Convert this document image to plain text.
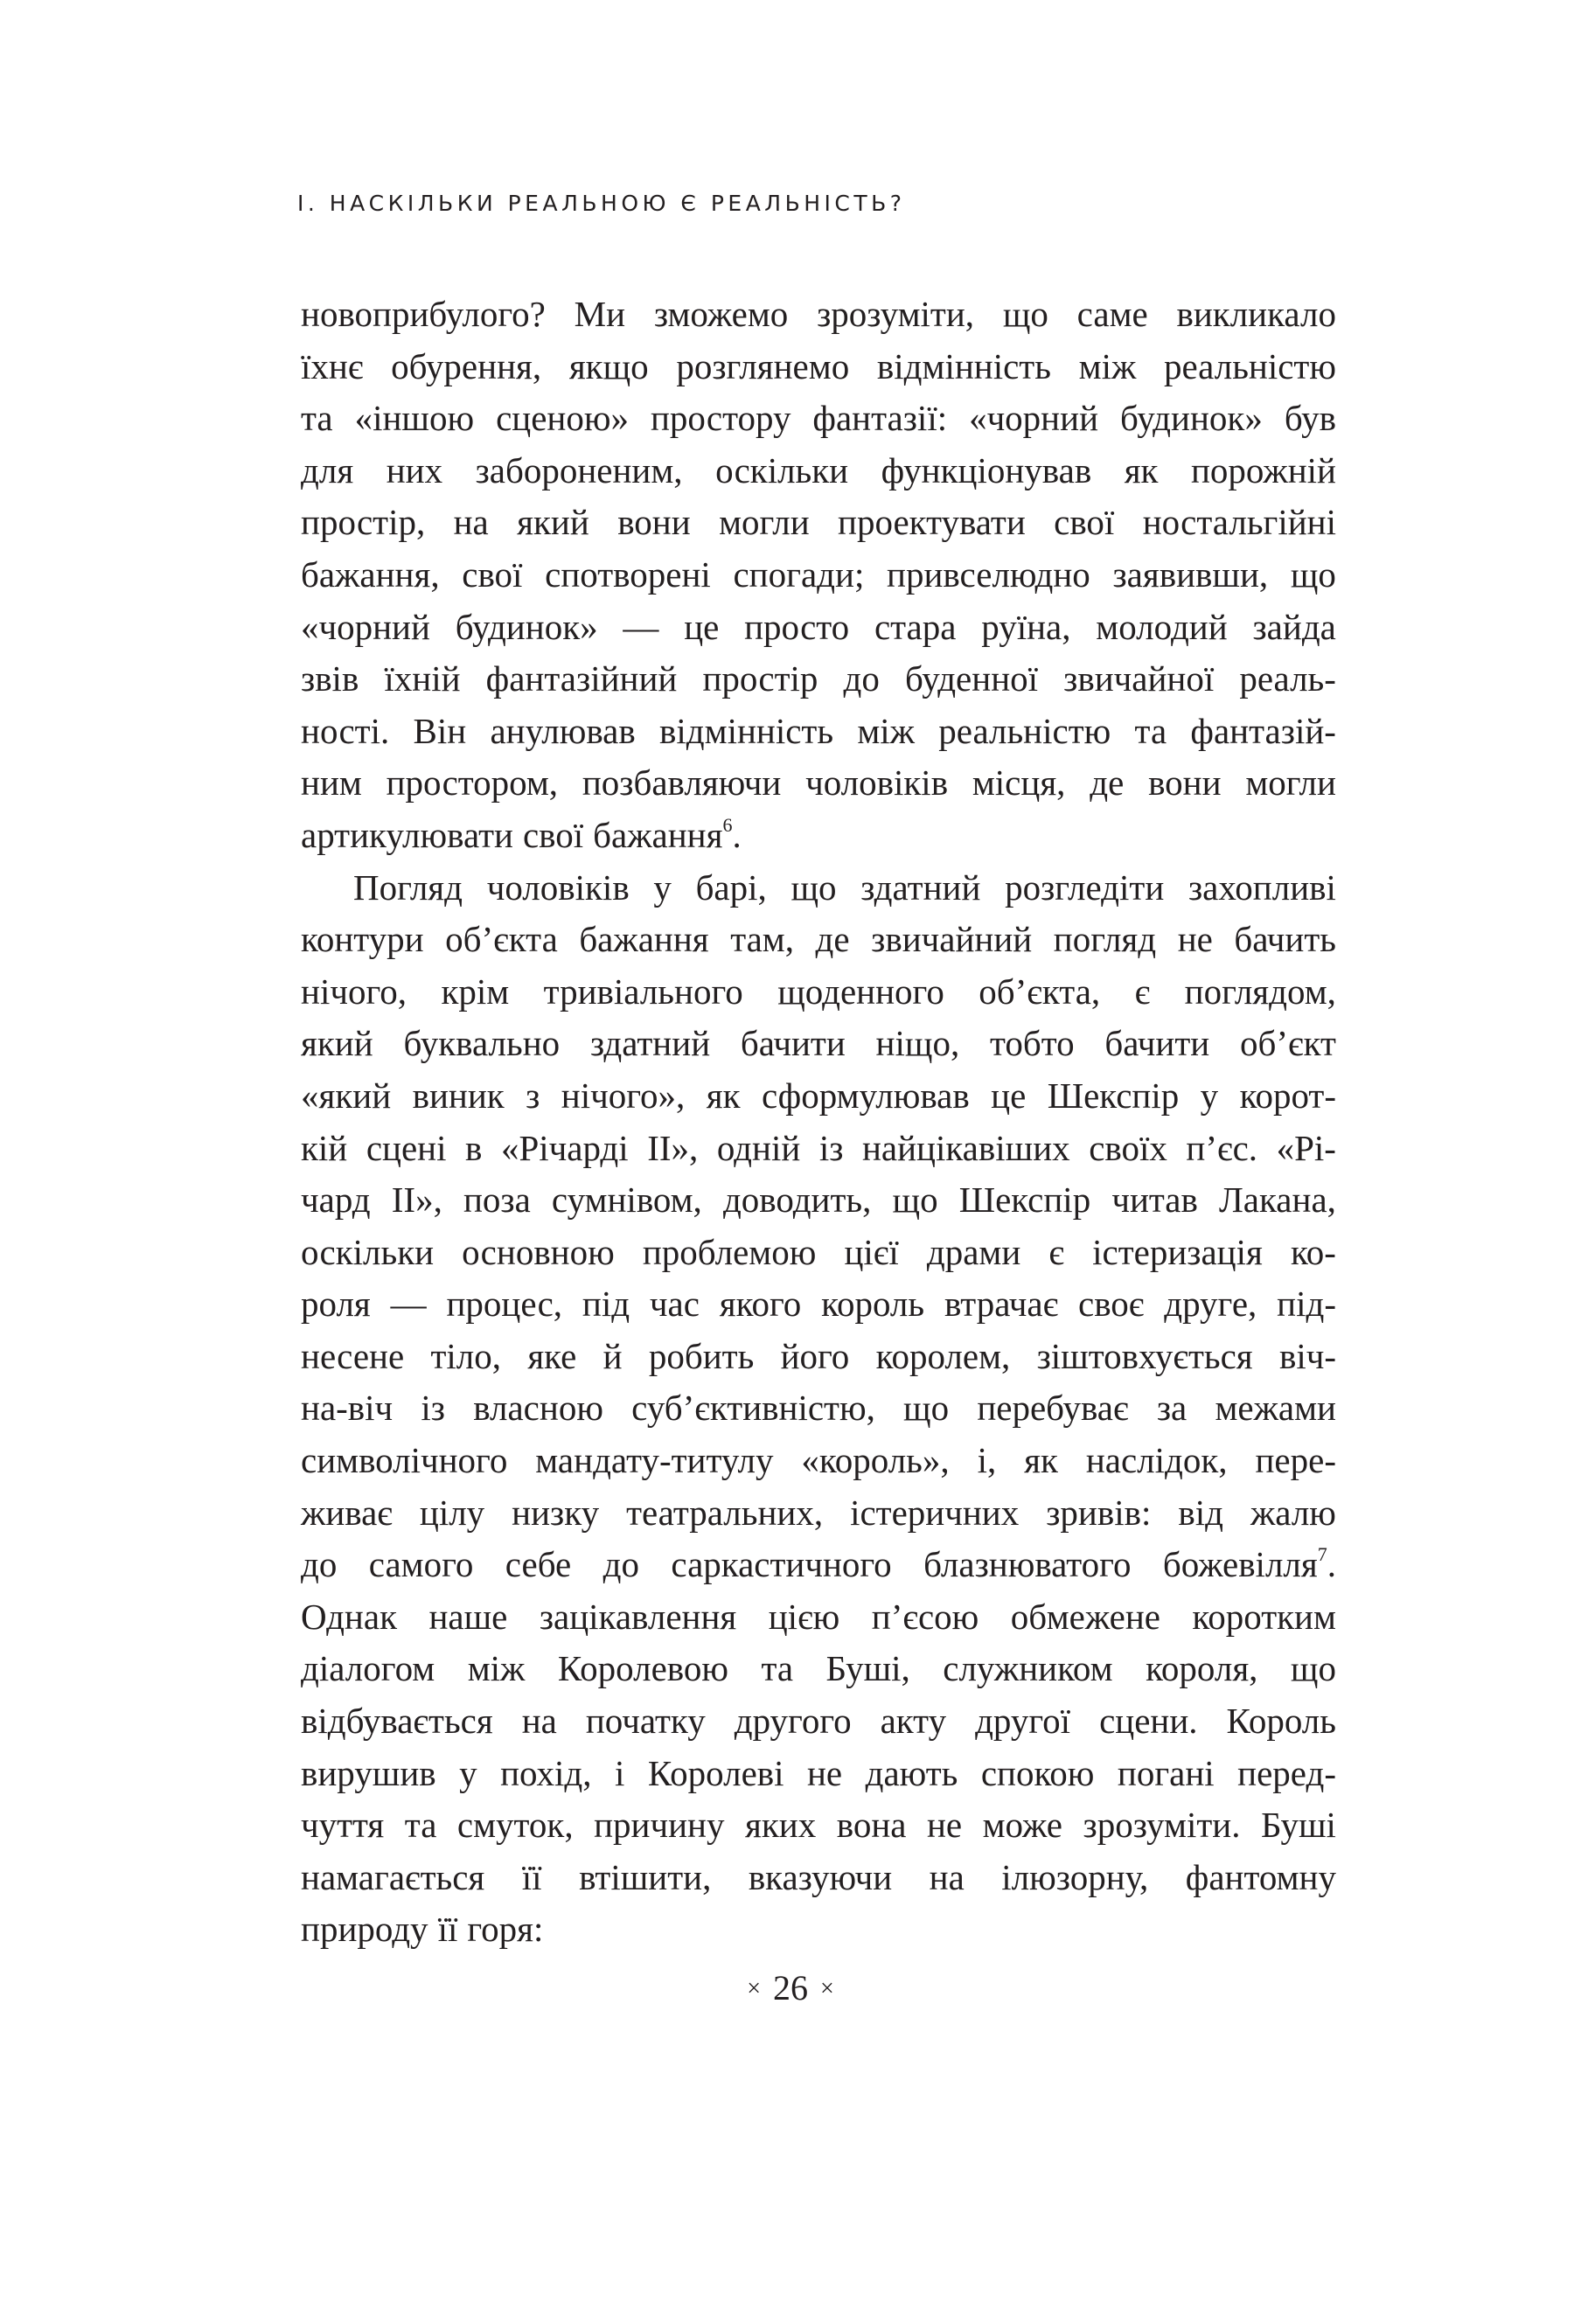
I. НАСКІЛЬКИ РЕАЛЬНОЮ Є РЕАЛЬНІСТЬ?
новоприбулого? Ми зможемо зрозуміти, що саме викликало
їхнє обурення, якщо розглянемо відмінність між реальністю
та «іншою сценою» простору фантазії: «чорний будинок» був
для них забороненим, оскільки функціонував як порожній
простір, на який вони могли проектувати свої ностальгійні
бажання, свої спотворені спогади; привселюдно заявивши, що
«чорний будинок» — це просто стара руїна, молодий зайда
звів їхній фантазійний простір до буденної звичайної реаль-
ності. Він анулював відмінність між реальністю та фантазій-
ним простором, позбавляючи чоловіків місця, де вони могли
артикулювати свої бажання$^6$.
Погляд чоловіків у барі, що здатний розгледіти захопливі
контури об’єкта бажання там, де звичайний погляд не бачить
нічого, крім тривіального щоденного об’єкта, є поглядом,
який буквально здатний бачити ніщо, тобто бачити об’єкт
«який виник з нічого», як сформулював це Шекспір у корот-
кій сцені в «Річарді II», одній із найцікавіших своїх п’єс. «Рі-
чард II», поза сумнівом, доводить, що Шекспір читав Лакана,
оскільки основною проблемою цієї драми є істеризація ко-
роля — процес, під час якого король втрачає своє друге, під-
несене тіло, яке й робить його королем, зіштовхується віч-
на-віч із власною суб’єктивністю, що перебуває за межами
символічного мандату-титулу «король», і, як наслідок, пере-
живає цілу низку театральних, істеричних зривів: від жалю
до самого себе до саркастичного блазнюватого божевілля$^7$.
Однак наше зацікавлення цією п’єсою обмежене коротким
діалогом між Королевою та Буші, служником короля, що
відбувається на початку другого акту другої сцени. Король
вирушив у похід, і Королеві не дають спокою погані перед-
чуття та смуток, причину яких вона не може зрозуміти. Буші
намагається її втішити, вказуючи на ілюзорну, фантомну
природу її горя:
× 26 ×
